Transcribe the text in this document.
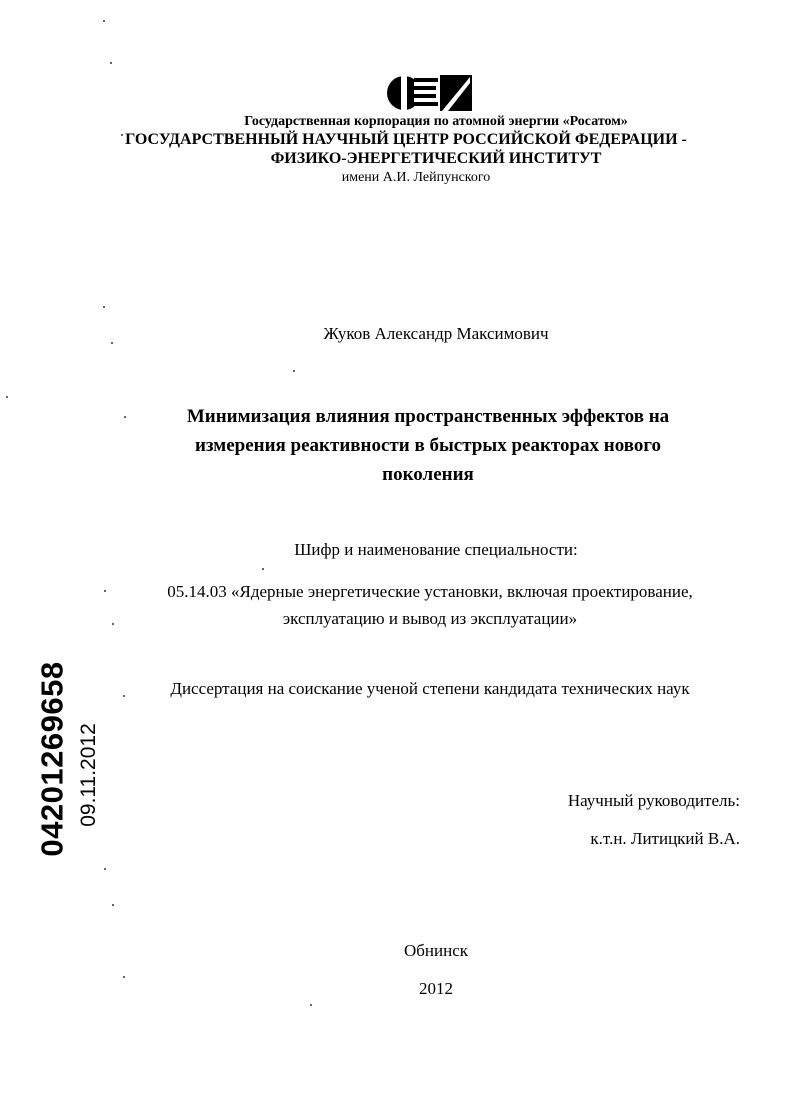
Государственная корпорация по атомной энергии «Росатом»
ГОСУДАРСТВЕННЫЙ НАУЧНЫЙ ЦЕНТР РОССИЙСКОЙ ФЕДЕРАЦИИ -
ФИЗИКО-ЭНЕРГЕТИЧЕСКИЙ ИНСТИТУТ
имени А.И. Лейпунского
Жуков Александр Максимович
Минимизация влияния пространственных эффектов на измерения реактивности в быстрых реакторах нового поколения
Шифр и наименование специальности:
05.14.03 «Ядерные энергетические установки, включая проектирование, эксплуатацию и вывод из эксплуатации»
Диссертация на соискание ученой степени кандидата технических наук
Научный руководитель:
к.т.н. Литицкий В.А.
Обнинск
2012
04201269658 09.11.2012
